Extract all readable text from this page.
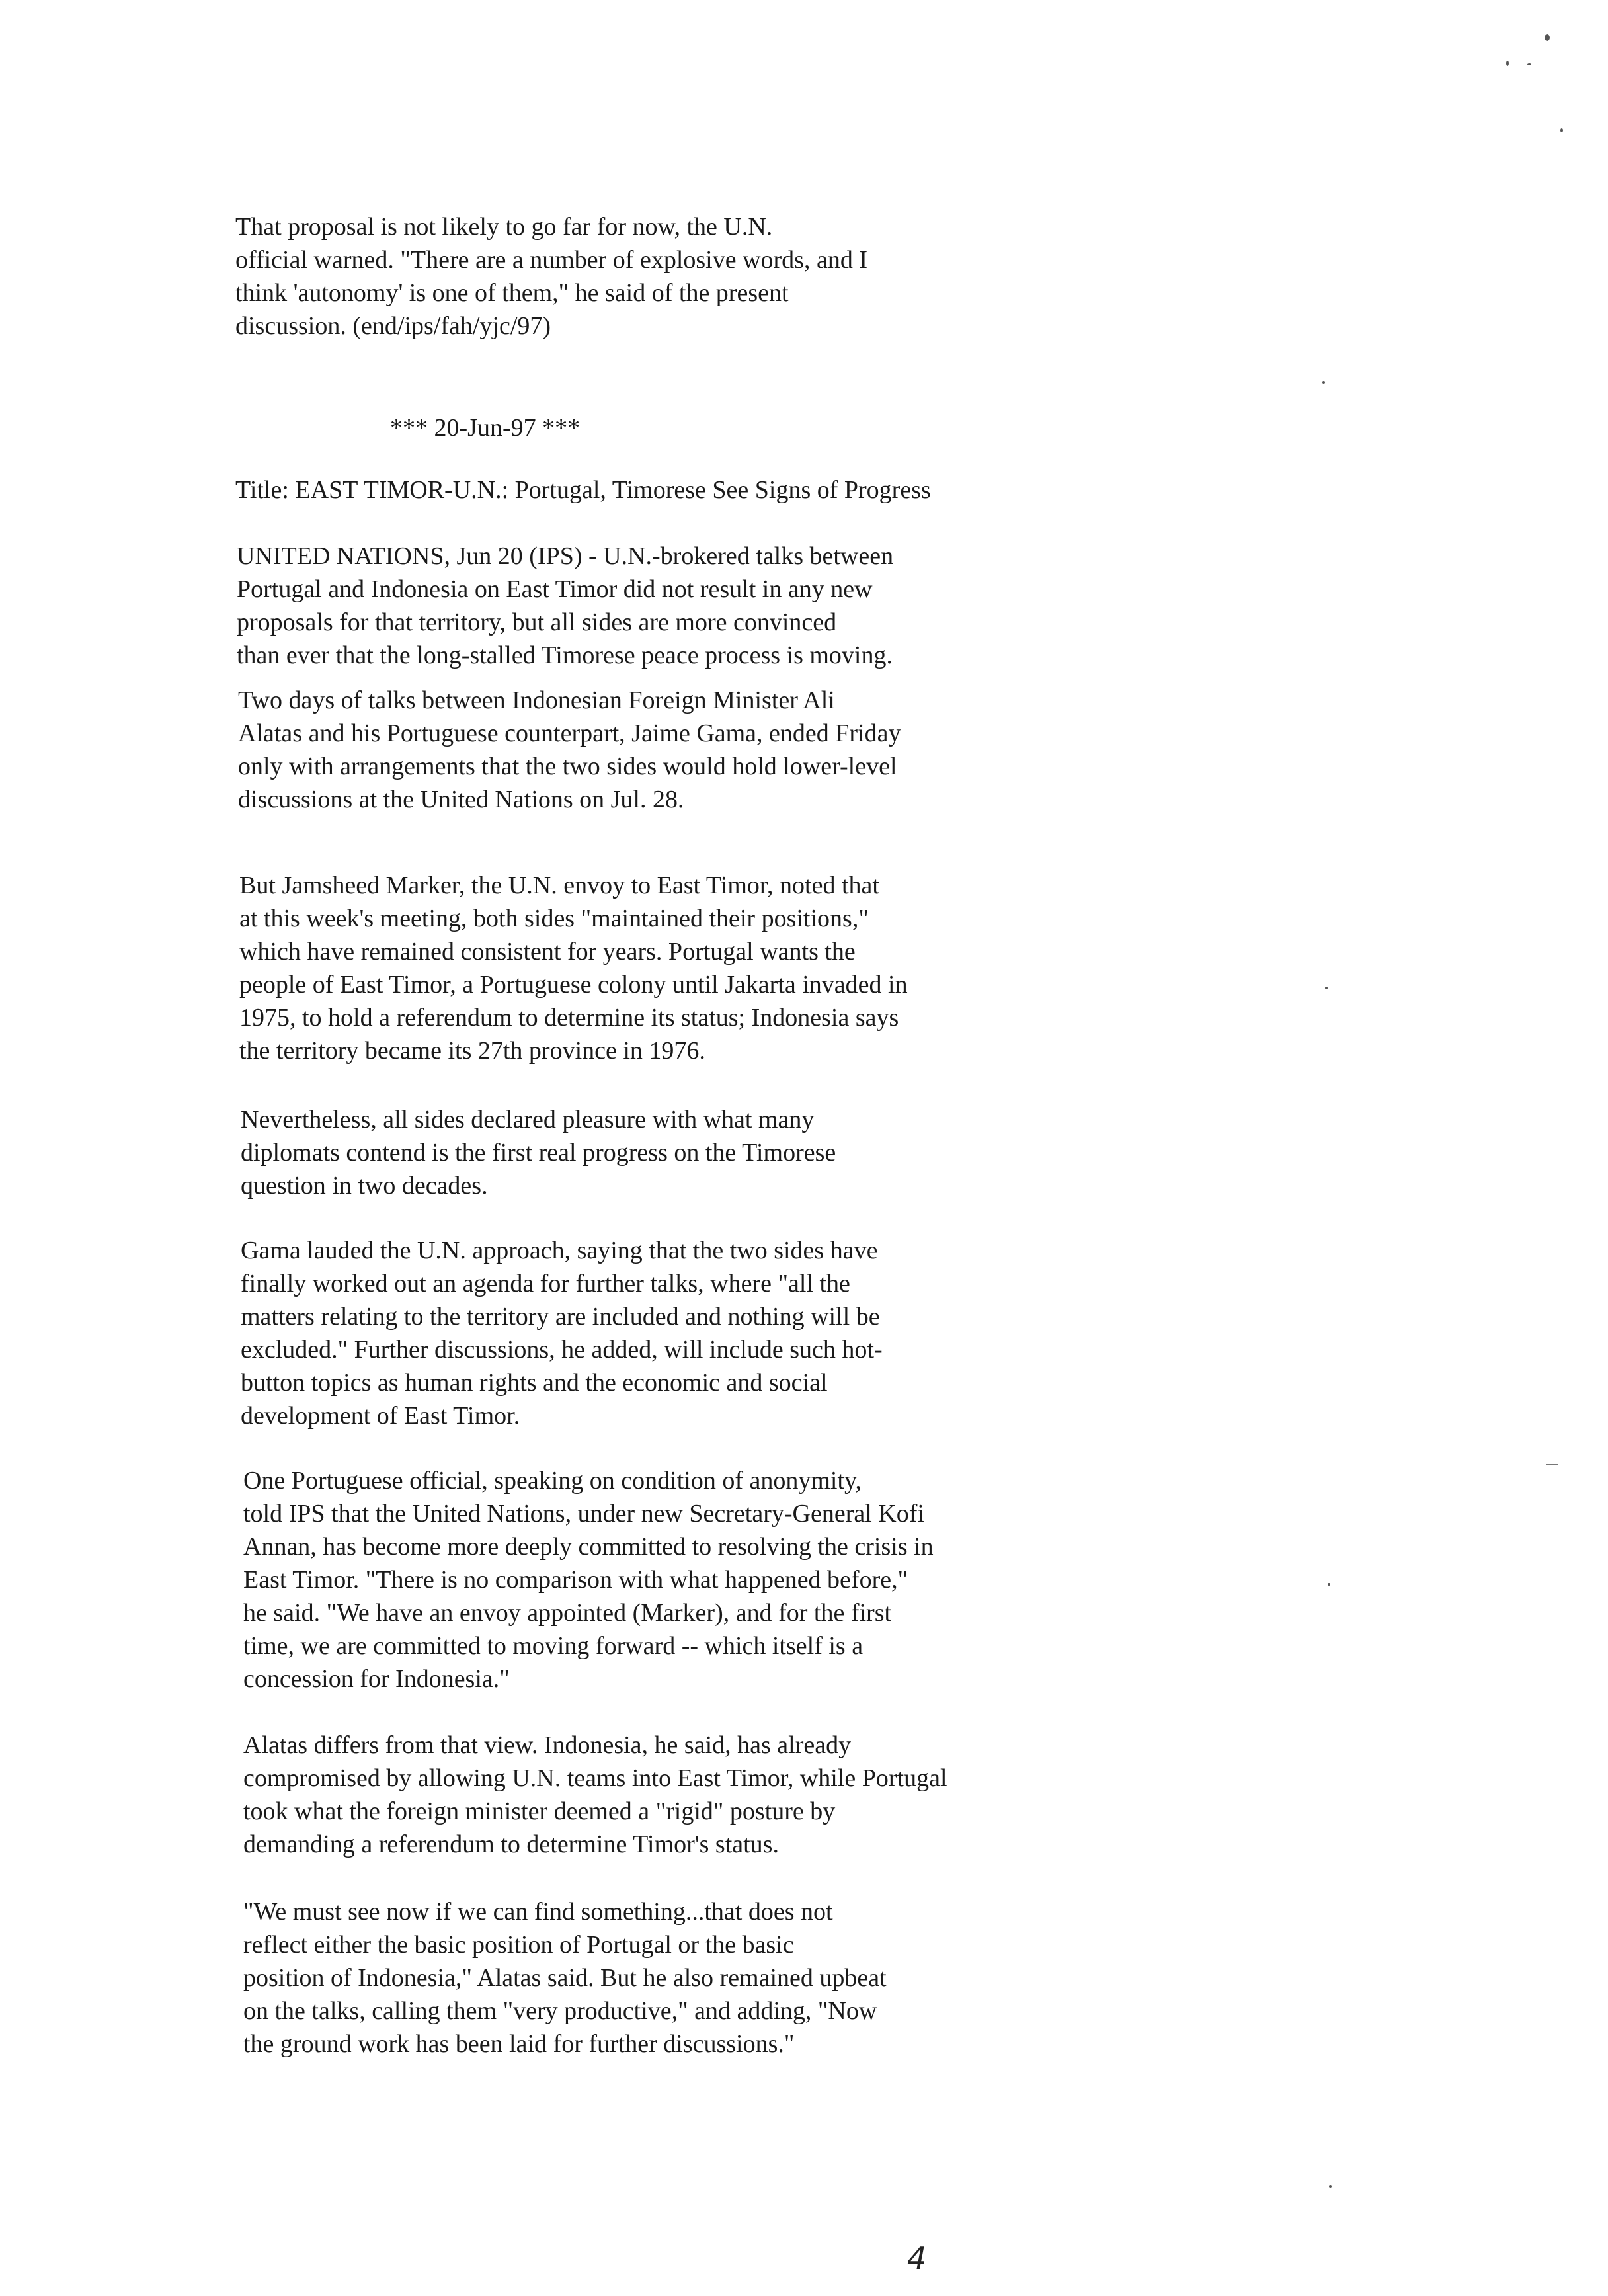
That proposal is not likely to go far for now, the U.N.
official warned. "There are a number of explosive words, and I
think 'autonomy' is one of them," he said of the present
discussion. (end/ips/fah/yjc/97)
*** 20-Jun-97 ***
Title: EAST TIMOR-U.N.: Portugal, Timorese See Signs of Progress
UNITED NATIONS, Jun 20 (IPS) - U.N.-brokered talks between
Portugal and Indonesia on East Timor did not result in any new
proposals for that territory, but all sides are more convinced
than ever that the long-stalled Timorese peace process is moving.
Two days of talks between Indonesian Foreign Minister Ali
Alatas and his Portuguese counterpart, Jaime Gama, ended Friday
only with arrangements that the two sides would hold lower-level
discussions at the United Nations on Jul. 28.
But Jamsheed Marker, the U.N. envoy to East Timor, noted that
at this week's meeting, both sides "maintained their positions,"
which have remained consistent for years. Portugal wants the
people of East Timor, a Portuguese colony until Jakarta invaded in
1975, to hold a referendum to determine its status; Indonesia says
the territory became its 27th province in 1976.
Nevertheless, all sides declared pleasure with what many
diplomats contend is the first real progress on the Timorese
question in two decades.
Gama lauded the U.N. approach, saying that the two sides have
finally worked out an agenda for further talks, where "all the
matters relating to the territory are included and nothing will be
excluded." Further discussions, he added, will include such hot-
button topics as human rights and the economic and social
development of East Timor.
One Portuguese official, speaking on condition of anonymity,
told IPS that the United Nations, under new Secretary-General Kofi
Annan, has become more deeply committed to resolving the crisis in
East Timor. "There is no comparison with what happened before,"
he said. "We have an envoy appointed (Marker), and for the first
time, we are committed to moving forward -- which itself is a
concession for Indonesia."
Alatas differs from that view. Indonesia, he said, has already
compromised by allowing U.N. teams into East Timor, while Portugal
took what the foreign minister deemed a "rigid" posture by
demanding a referendum to determine Timor's status.
"We must see now if we can find something...that does not
reflect either the basic position of Portugal or the basic
position of Indonesia," Alatas said. But he also remained upbeat
on the talks, calling them "very productive," and adding, "Now
the ground work has been laid for further discussions."
4
